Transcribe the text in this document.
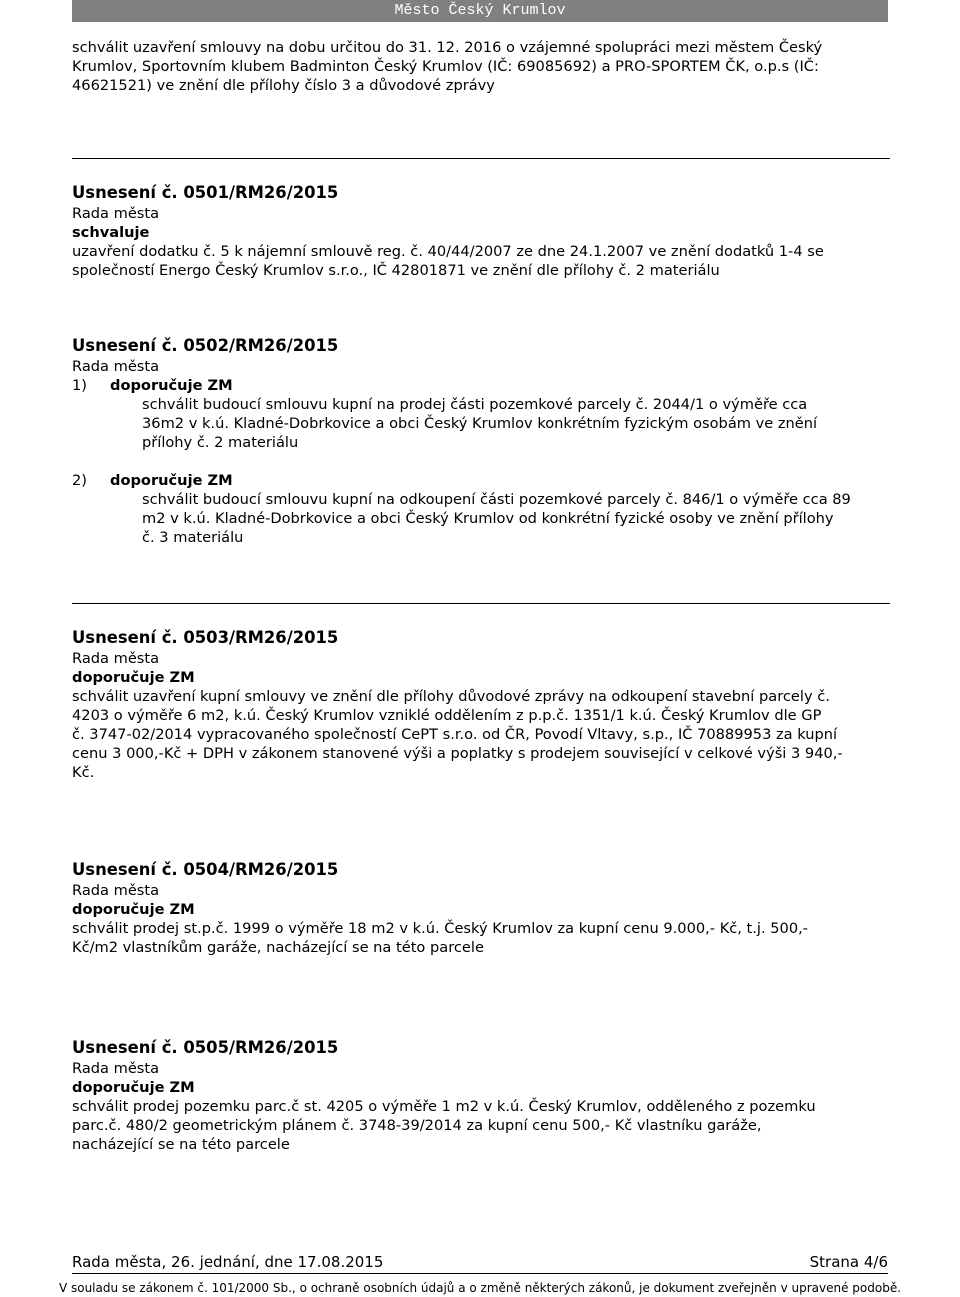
Město Český Krumlov

schválit uzavření smlouvy na dobu určitou do 31. 12. 2016 o vzájemné spolupráci mezi městem Český

Krumlov, Sportovním klubem Badminton Český Krumlov (IČ: 69085692) a PRO-SPORTEM ČK, o.p.s (IČ:

46621521) ve znění dle přílohy číslo 3 a důvodové zprávy

Usnesení č. 0501/RM26/2015

Rada města

schvaluje

uzavření dodatku č. 5 k nájemní smlouvě reg. č. 40/44/2007 ze dne 24.1.2007 ve znění dodatků 1-4 se

společností Energo Český Krumlov s.r.o., IČ 42801871 ve znění dle přílohy č. 2 materiálu

Usnesení č. 0502/RM26/2015

Rada města

1) doporučuje ZM

schválit budoucí smlouvu kupní na prodej části pozemkové parcely č. 2044/1 o výměře cca

36m2 v k.ú. Kladné-Dobrkovice a obci Český Krumlov konkrétním fyzickým osobám ve znění

přílohy č. 2 materiálu

2) doporučuje ZM

schválit budoucí smlouvu kupní na odkoupení části pozemkové parcely č. 846/1 o výměře cca 89

m2 v k.ú. Kladné-Dobrkovice a obci Český Krumlov od konkrétní fyzické osoby ve znění přílohy

č. 3 materiálu

Usnesení č. 0503/RM26/2015

Rada města

doporučuje ZM

schválit uzavření kupní smlouvy ve znění dle přílohy důvodové zprávy na odkoupení stavební parcely č.

4203 o výměře 6 m2, k.ú. Český Krumlov vzniklé oddělením z p.p.č. 1351/1 k.ú. Český Krumlov dle GP

č. 3747-02/2014 vypracovaného společností CePT s.r.o. od ČR, Povodí Vltavy, s.p., IČ 70889953 za kupní

cenu 3 000,-Kč + DPH v zákonem stanovené výši a poplatky s prodejem související v celkové výši 3 940,-

Kč.

Usnesení č. 0504/RM26/2015

Rada města

doporučuje ZM

schválit prodej st.p.č. 1999 o výměře 18 m2 v k.ú. Český Krumlov za kupní cenu 9.000,- Kč, t.j. 500,-

Kč/m2 vlastníkům garáže, nacházející se na této parcele

Usnesení č. 0505/RM26/2015

Rada města

doporučuje ZM

schválit prodej pozemku parc.č st. 4205 o výměře 1 m2 v k.ú. Český Krumlov, odděleného z pozemku

parc.č. 480/2 geometrickým plánem č. 3748-39/2014 za kupní cenu 500,- Kč vlastníku garáže,

nacházející se na této parcele

Rada města, 26. jednání, dne 17.08.2015	Strana 4/6
V souladu se zákonem č. 101/2000 Sb., o ochraně osobních údajů a o změně některých zákonů, je dokument zveřejněn v upravené podobě.
